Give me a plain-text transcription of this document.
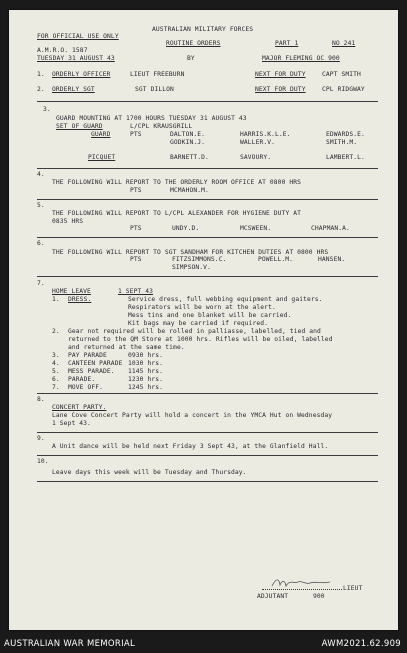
AUSTRALIAN MILITARY FORCES
FOR OFFICIAL USE ONLY
A.M.R.O. 1587
TUESDAY 31 AUGUST 43
ROUTINE ORDERS	PART 1	NO 241
BY	MAJOR FLEMING OC 900
1. ORDERLY OFFICER	LIEUT FREEBURN	NEXT FOR DUTY	CAPT SMITH
2. ORDERLY SGT	SGT DILLON	NEXT FOR DUTY	CPL RIDGWAY
3.
GUARD MOUNTING AT 1700 HOURS TUESDAY 31 AUGUST 43
SET OF GUARD	L/CPL KRAUSGRILL
GUARD	PTS	DALTON.E.	HARRIS.K.L.E.	EDWARDS.E.
GODKIN.J.	WALLER.V.	SMITH.M.
PICQUET	BARNETT.D.	SAVOURY.	LAMBERT.L.
4.
THE FOLLOWING WILL REPORT TO THE ORDERLY ROOM OFFICE AT 0800 HRS
PTS	MCMAHON.M.
5.
THE FOLLOWING WILL REPORT TO L/CPL ALEXANDER FOR HYGIENE DUTY AT
0835 HRS
PTS	UNDY.D.	MCSWEEN.	CHAPMAN.A.
6.
THE FOLLOWING WILL REPORT TO SGT SANDHAM FOR KITCHEN DUTIES AT 0800 HRS
PTS	FITZSIMMONS.C.	POWELL.M.	HANSEN.
SIMPSON.V.
7.
HOME LEAVE	1 SEPT 43
1. DRESS.	Service dress, full webbing equipment and gaiters.
Respirators will be worn at the alert.
Mess tins and one blanket will be carried.
Kit bags may be carried if required.
2. Gear not required will be rolled in palliasse, labelled, tied and
returned to the QM Store at 1000 hrs. Rifles will be oiled, labelled
and returned at the same time.
3. PAY PARADE	0930 hrs.
4. CANTEEN PARADE 1030 hrs.
5. MESS PARADE. 1145 hrs.
6. PARADE.	1230 hrs.
7. MOVE OFF.	1245 hrs.
8.
CONCERT PARTY.
Lane Cove Concert Party will hold a concert in the YMCA Hut on Wednesday
1 Sept 43.
9.
A Unit dance will be held next Friday 3 Sept 43, at the Glanfield Hall.
10.
Leave days this week will be Tuesday and Thursday.
LIEUT
ADJUTANT	900
AUSTRALIAN WAR MEMORIAL	AWM2021.62.909
